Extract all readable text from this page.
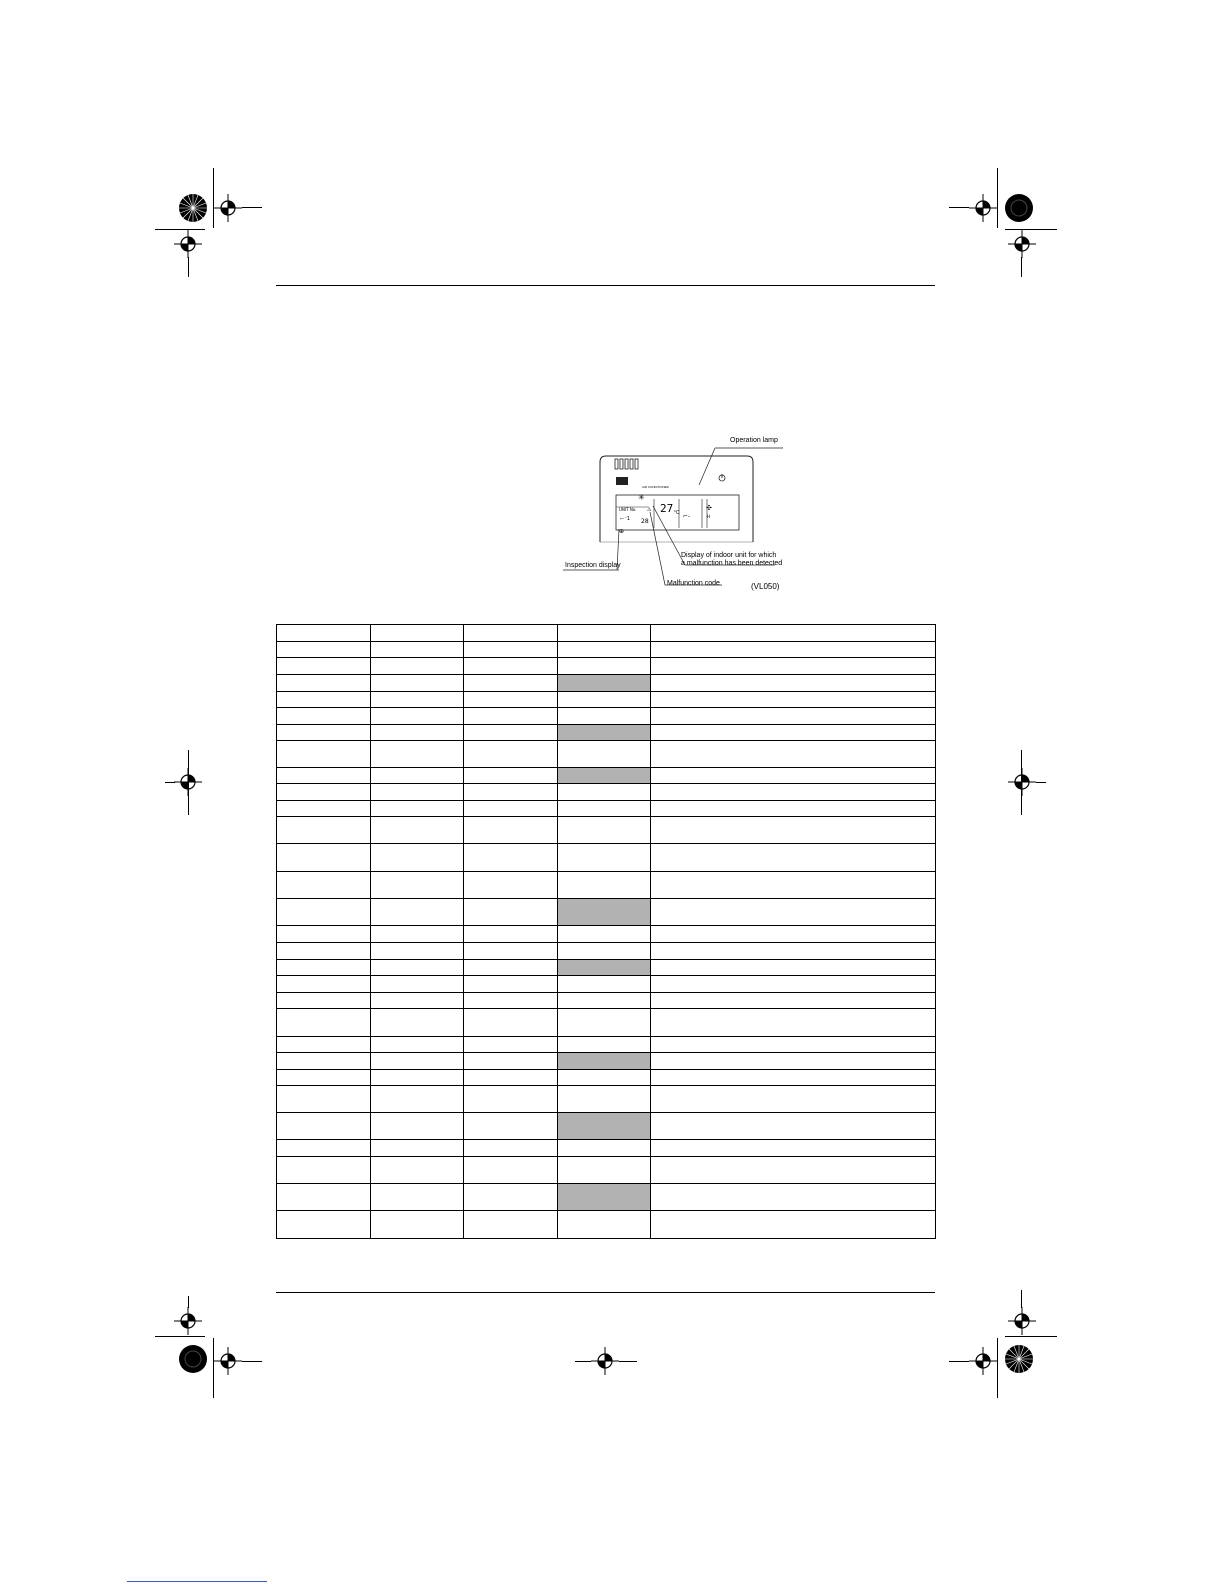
✳
UNIT No. ⚠
⌐⁻1 28
⊕
⌐‐
✣
H
Operation lamp
Display of indoor unit for which
a malfunction has been detected
Inspection display
Malfunction code	(VL050)
AIR CONDITIONER
27 °C
